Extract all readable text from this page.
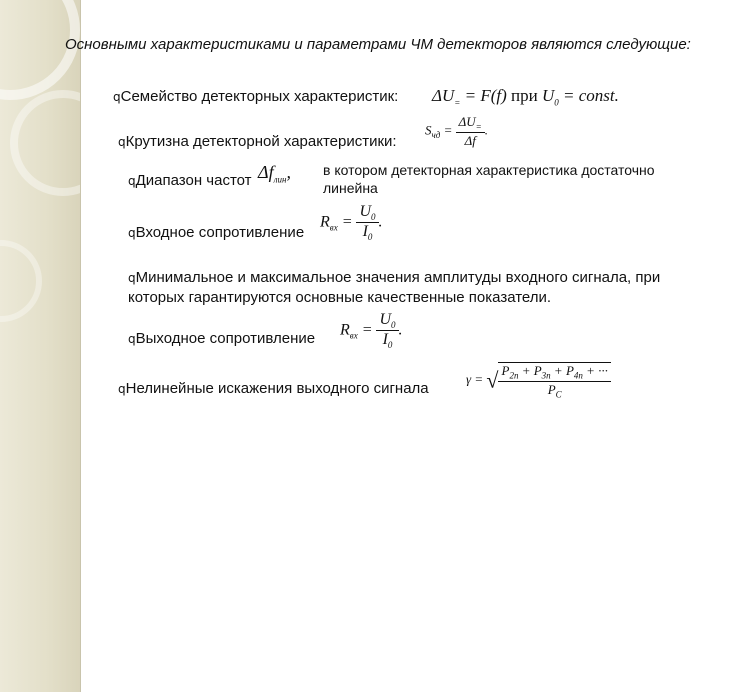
Основными характеристиками и параметрами ЧМ детекторов являются следующие:
qСемейство детекторных характеристик: $\Delta U_= = F(f)$ при $U_0$ = const.
qКрутизна детекторной характеристики:
$S_{чд} = \frac{\Delta U_=}{\Delta f}$ .
qДиапазон частот $\Delta f_{лин}$, в котором детекторная характеристика достаточно линейна
qВходное сопротивление
$R_{вх} = \frac{U_0}{I_0}$ .
qМинимальное и максимальное значения амплитуды входного сигнала, при которых гарантируются основные качественные показатели.
qВыходное сопротивление
$R_{вх} = \frac{U_0}{I_0}$ .
qНелинейные искажения выходного сигнала
γ = √ $\frac{P_{2п} + P_{3п} + P_{4п} + \cdot\cdot\cdot}{P_С}$
